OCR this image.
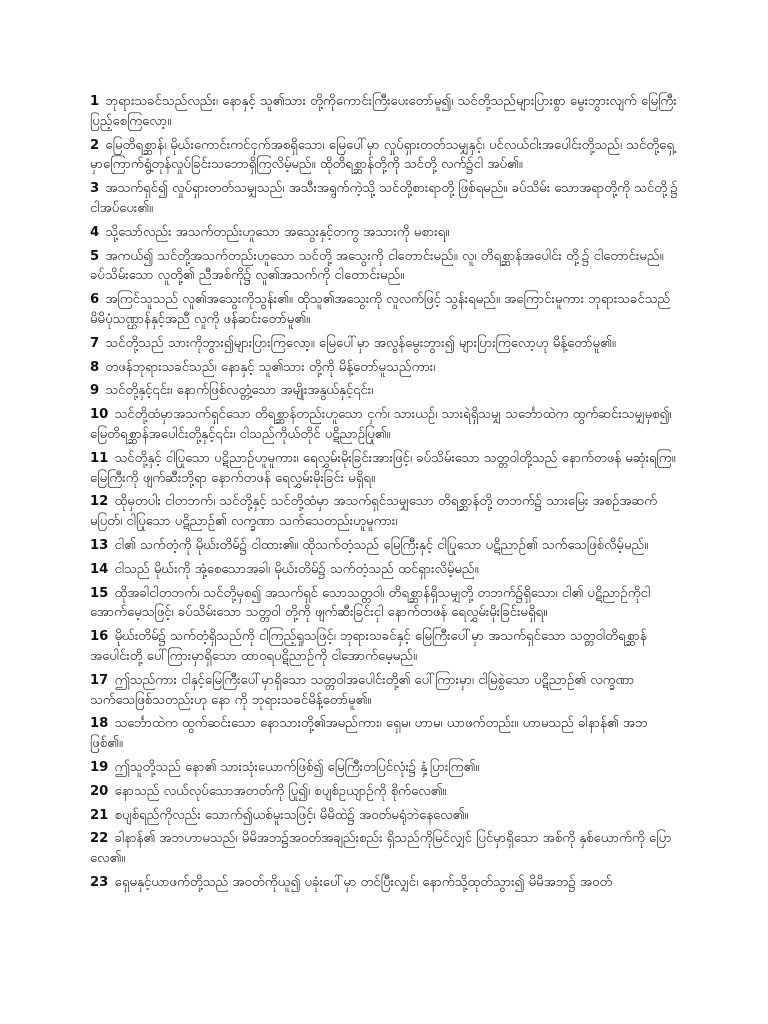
1 ဘုရားသခင်သည်လည်း၊ နောနှင့် သူ၏သား တို့ကိုကောင်းကြီးပေးတော်မူ၍၊ သင်တို့သည်များပြားစွာ မွေးဘွားလျက် မြေကြီးပြည့်စေကြလော့။

2 မြေတိရစ္ဆာန်၊ မိုဃ်းကောင်းကင်ငှက်အစရှိသော၊ မြေပေါ်မှာ လှုပ်ရှားတတ်သမျှနှင့်၊ ပင်လယ်ငါးအပေါင်းတို့သည်၊ သင်တို့ရှေ့မှာကြောက်ရွံ့တုန်လှုပ်ခြင်းသဘောရှိကြလိမ့်မည်။ ထိုတိရစ္ဆာန်တို့ကို သင်တို့ လက်၌ငါ အပ်၏။

3 အသက်ရှင်၍ လှုပ်ရှားတတ်သမျှသည်၊ အသီးအရွက်ကဲ့သို့ သင်တို့စားရာတို့ ဖြစ်ရမည်။ ခပ်သိမ်း သောအရာတို့ကို သင်တို့၌ ငါအပ်ပေး၏။

4 သို့သော်လည်း အသက်တည်းဟူသော အသွေးနှင့်တကွ အသားကို မစားရ။

5 အကယ်၍ သင်တို့အသက်တည်းဟူသော သင်တို့ အသွေးကို ငါတောင်းမည်။ လူ၊ တိရစ္ဆာန်အပေါင်း တို့၌ ငါတောင်းမည်။ ခပ်သိမ်းသော လူတို့၏ ညီအစ်ကို၌ လူ၏အသက်ကို ငါတောင်းမည်။

6 အကြင်သူသည် လူ၏အသွေးကိုသွန်း၏။ ထိုသူ၏အသွေးကို လူလက်ဖြင့် သွန်းရမည်။ အကြောင်းမူကား ဘုရားသခင်သည် မိမိပုံသဏ္ဌာန်နှင့်အညီ လူကို ဖန်ဆင်းတော်မူ၏။

7 သင်တို့သည် သားကိုဘွား၍များပြားကြလော့။ မြေပေါ်မှာ အလွန်မွေးဘွား၍ များပြားကြလော့ဟု မိန့်တော်မူ၏။

8 တဖန်ဘုရားသခင်သည်၊ နောနှင့် သူ၏သား တို့ကို မိန့်တော်မူသည်ကား၊

9 သင်တို့နှင့်၎င်း၊ နောက်ဖြစ်လတ္တံ့သော အမျိုးအနွယ်နှင့်၎င်း၊

10 သင်တို့ထံမှာအသက်ရှင်သော တိရစ္ဆာန်တည်းဟူသော ငှက်၊ သားယဉ်၊ သားရဲရှိသမျှ သင်္ဘောထဲက ထွက်ဆင်းသမျှမှစ၍၊ မြေတိရစ္ဆာန်အပေါင်းတို့နှင့်၎င်း၊ ငါသည်ကိုယ်တိုင် ပဋိညာဉ်ပြု၏။

11 သင်တို့နှင့် ငါပြုသော ပဋိညာဉ်ဟူမူကား၊ ရေလွှမ်းမိုးခြင်းအားဖြင့်၊ ခပ်သိမ်းသော သတ္တဝါတို့သည် နောက်တဖန် မဆုံးရကြ။ မြေကြီးကို ဖျက်ဆီးဘို့ရာ နောက်တဖန် ရေလွှမ်းမိုးခြင်း မရှိရ။

12 ထိုမှတပါး ငါတဘက်၊ သင်တို့နှင့် သင်တို့ထံမှာ အသက်ရှင်သမျှသော တိရစ္ဆာန်တို့ တဘက်၌ သားမြေး အစဉ်အဆက်မပြတ်၊ ငါပြုသော ပဋိညာဉ်၏ လက္ခဏာ သက်သေတည်းဟူမူကား၊

13 ငါ၏ သက်တံ့ကို မိုဃ်းတိမ်၌ ငါထား၏။ ထိုသက်တံ့သည် မြေကြီးနှင့် ငါပြုသော ပဋိညာဉ်၏ သက်သေဖြစ်လိမ့်မည်။

14 ငါသည် မိုဃ်းကို အုံ့စေသောအခါ၊ မိုဃ်းတိမ်၌ သက်တံ့သည် ထင်ရှားလိမ့်မည်။

15 ထိုအခါငါတဘက်၊ သင်တို့မှစ၍ အသက်ရှင် သောသတ္တဝါ၊ တိရစ္ဆာန်ရှိသမျှတို့ တဘက်၌ရှိသော၊ ငါ၏ ပဋိညာဉ်ကိုငါ အောက်မေ့သဖြင့်၊ ခပ်သိမ်းသော သတ္တဝါ တို့ကို ဖျက်ဆီးခြင်းငှါ နောက်တဖန် ရေလွှမ်းမိုးခြင်းမရှိရ။

16 မိုဃ်းတိမ်၌ သက်တံ့ရှိသည်ကို ငါကြည့်ရှုသဖြင့်၊ ဘုရားသခင်နှင့် မြေကြီးပေါ်မှာ အသက်ရှင်သော သတ္တဝါတိရစ္ဆာန် အပေါင်းတို့ ပေါ်ကြားမှာရှိသော ထာဝရပဋိညာဉ်ကို ငါအောက်မေ့မည်။

17 ဤသည်ကား ငါနှင့်မြေကြီးပေါ်မှာရှိသော သတ္တဝါအပေါင်းတို့၏ ပေါ်ကြားမှာ၊ ငါမြဲစွဲသော ပဋိညာဉ်၏ လက္ခဏာ သက်သေဖြစ်သတည်းဟု နော ကို ဘုရားသခင်မိန့်တော်မူ၏။

18 သင်္ဘောထဲက ထွက်ဆင်းသော နောသားတို့၏အမည်ကား၊ ရှေမ၊ ဟာမ၊ ယာဖက်တည်း။ ဟာမသည် ခါနာန်၏ အဘ ဖြစ်၏။

19 ဤသူတို့သည် နော၏ သားသုံးယောက်ဖြစ်၍ မြေကြီးတပြင်လုံး၌ နှံ့ပြားကြ၏။

20 နောသည် လယ်လုပ်သောအတတ်ကို ပြု၍၊ စပျစ်ဥယျာဉ်ကို စိုက်လေ၏။

21 စပျစ်ရည်ကိုလည်း သောက်၍ယစ်မူးသဖြင့်၊ မိမိထဲ၌ အဝတ်မရုံဘဲနေလေ၏။

22 ခါနာန်၏ အဘဟာမသည်၊ မိမိအဘ၌အဝတ်အချည်းစည်း ရှိသည်ကိုမြင်လျှင် ပြင်မှာရှိသော အစ်ကို နှစ်ယောက်ကို ပြောလေ၏။

23 ရှေမနှင့်ယာဖက်တို့သည် အဝတ်ကိုယူ၍ ပခုံးပေါ်မှာ တင်ပြီးလျှင်၊ နောက်သို့ထုတ်သွား၍ မိမိအဘ၌ အဝတ်
